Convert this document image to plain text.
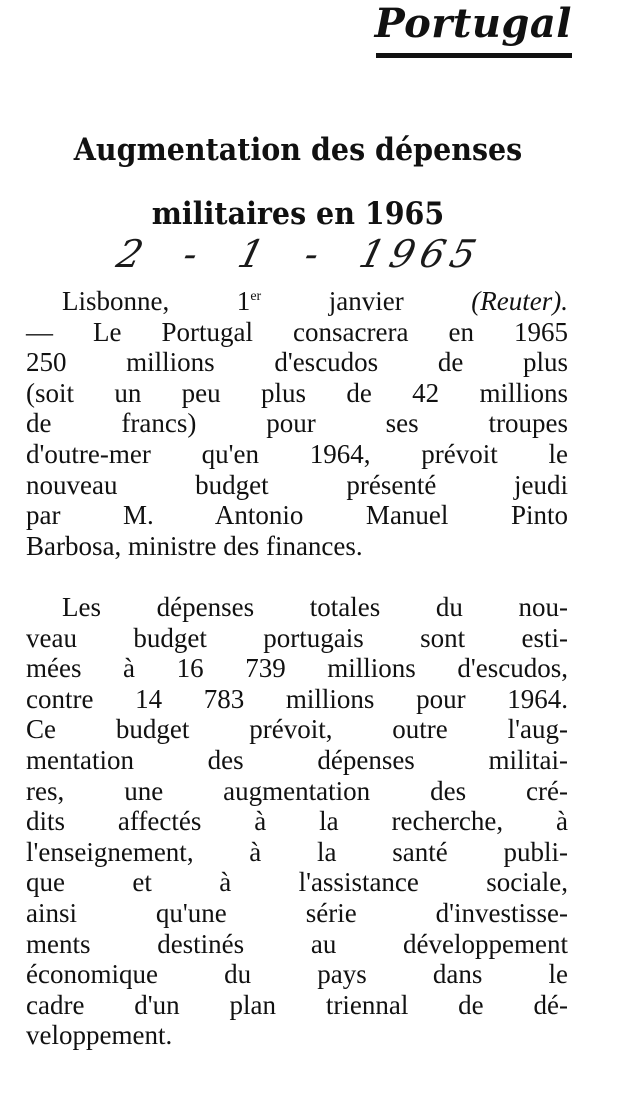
Portugal
Augmentation des dépenses
militaires en 1965
2 - 1 - 1965
Lisbonne, 1er janvier (Reuter).
— Le Portugal consacrera en 1965
250 millions d'escudos de plus
(soit un peu plus de 42 millions
de francs) pour ses troupes
d'outre-mer qu'en 1964, prévoit le
nouveau budget présenté jeudi
par M. Antonio Manuel Pinto
Barbosa, ministre des finances.
Les dépenses totales du nou-
veau budget portugais sont esti-
mées à 16 739 millions d'escudos,
contre 14 783 millions pour 1964.
Ce budget prévoit, outre l'aug-
mentation des dépenses militai-
res, une augmentation des cré-
dits affectés à la recherche, à
l'enseignement, à la santé publi-
que et à l'assistance sociale,
ainsi qu'une série d'investisse-
ments destinés au développement
économique du pays dans le
cadre d'un plan triennal de dé-
veloppement.
